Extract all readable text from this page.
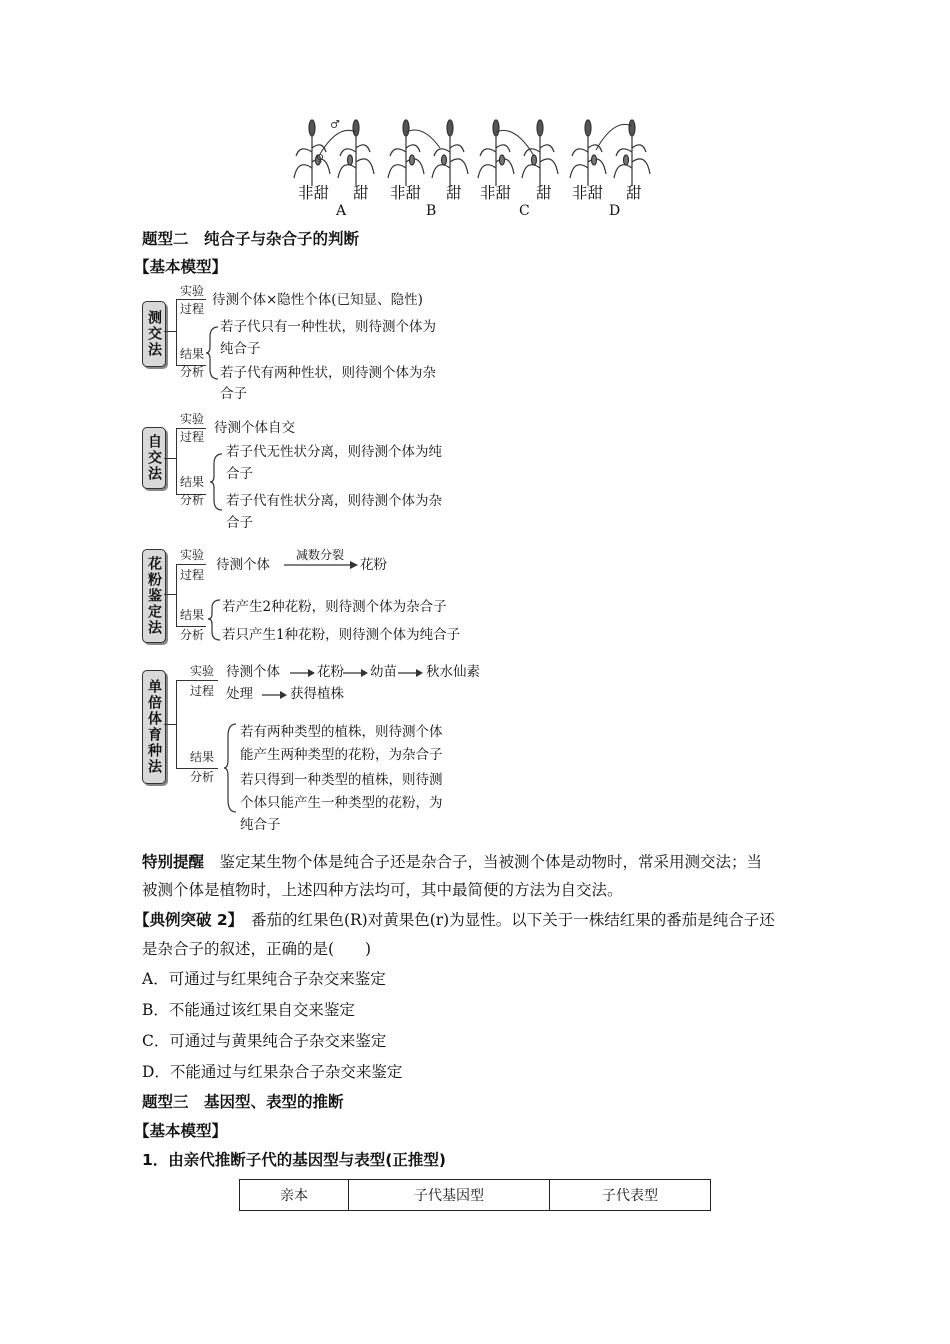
♂
♀
非甜 甜 非甜 甜 非甜 甜 非甜 甜
A	B	C	D
题型二　纯合子与杂合子的判断
【基本模型】
测交法
实验
过程
结果
分析
待测个体×隐性个体(已知显、隐性)
若子代只有一种性状，则待测个体为
纯合子
若子代有两种性状，则待测个体为杂
合子
自交法
实验
过程
结果
分析
待测个体自交
若子代无性状分离，则待测个体为纯
合子
若子代有性状分离，则待测个体为杂
合子
花粉鉴定法
实验
过程
结果
分析
待测个体
减数分裂
花粉
若产生2种花粉，则待测个体为杂合子
若只产生1种花粉，则待测个体为纯合子
单倍体育种法
实验
过程
结果
分析
待测个体	花粉 幼苗 秋水仙素
处理	获得植株
若有两种类型的植株，则待测个体
能产生两种类型的花粉，为杂合子
若只得到一种类型的植株，则待测
个体只能产生一种类型的花粉，为
纯合子
特别提醒　鉴定某生物个体是纯合子还是杂合子，当被测个体是动物时，常采用测交法；当
被测个体是植物时，上述四种方法均可，其中最简便的方法为自交法。
【典例突破 2】　番茄的红果色(R)对黄果色(r)为显性。以下关于一株结红果的番茄是纯合子还
是杂合子的叙述，正确的是(　　)
A．可通过与红果纯合子杂交来鉴定
B．不能通过该红果自交来鉴定
C．可通过与黄果纯合子杂交来鉴定
D．不能通过与红果杂合子杂交来鉴定
题型三　基因型、表型的推断
【基本模型】
1．由亲代推断子代的基因型与表型(正推型)
亲本	子代基因型	子代表型
